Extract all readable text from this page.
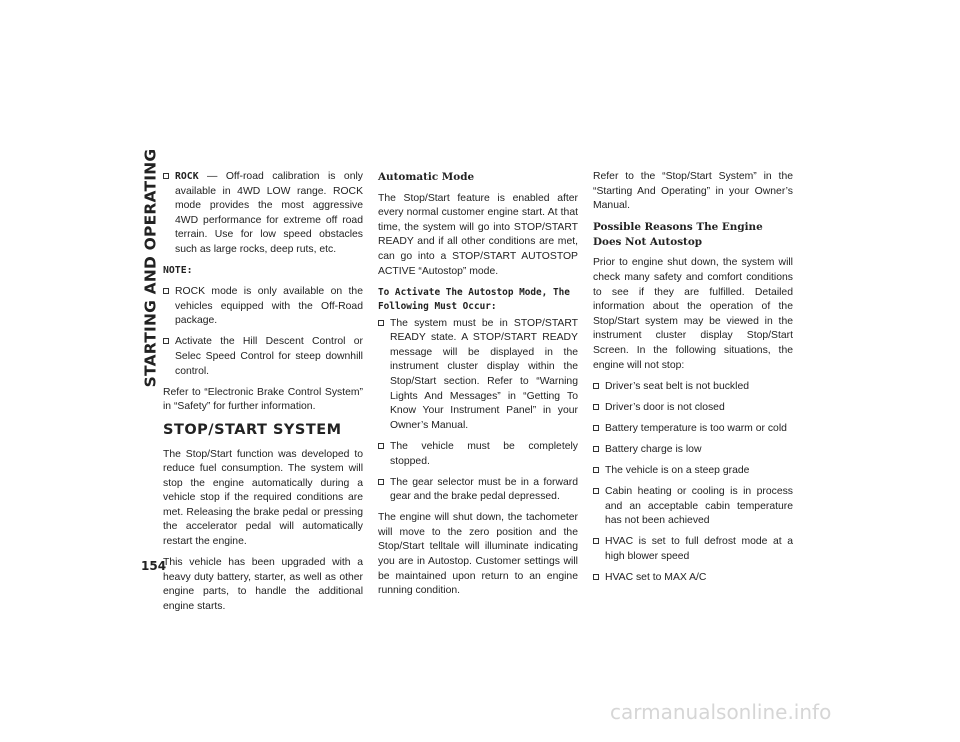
STARTING AND OPERATING	ROCK — Off-road calibration is only available in 4WD LOW range. ROCK mode provides the most aggressive 4WD performance for extreme off road terrain. Use for low speed obstacles such as large rocks, deep ruts, etc.

NOTE:

ROCK mode is only available on the vehicles equipped with the Off-Road package.
Activate the Hill Descent Control or Selec Speed Control for steep downhill control.

Refer to “Electronic Brake Control System” in “Safety” for further information.

STOP/START SYSTEM

The Stop/Start function was developed to reduce fuel consumption. The system will stop the engine automatically during a vehicle stop if the required conditions are met. Releasing the brake pedal or pressing the accelerator pedal will automatically restart the engine.

This vehicle has been upgraded with a heavy duty battery, starter, as well as other engine parts, to handle the additional engine starts.

Automatic Mode

The Stop/Start feature is enabled after every normal customer engine start. At that time, the system will go into STOP/START READY and if all other conditions are met, can go into a STOP/START AUTOSTOP ACTIVE “Autostop” mode.

To Activate The Autostop Mode, The Following Must Occur:

The system must be in STOP/START READY state. A STOP/START READY message will be displayed in the instrument cluster display within the Stop/Start section. Refer to “Warning Lights And Messages” in “Getting To Know Your Instrument Panel” in your Owner’s Manual.
The vehicle must be completely stopped.
The gear selector must be in a forward gear and the brake pedal depressed.

The engine will shut down, the tachometer will move to the zero position and the Stop/Start telltale will illuminate indicating you are in Autostop. Customer settings will be maintained upon return to an engine running condition.

Refer to the “Stop/Start System” in the “Starting And Operating” in your Owner’s Manual.

Possible Reasons The Engine Does Not Autostop

Prior to engine shut down, the system will check many safety and comfort conditions to see if they are fulfilled. Detailed information about the operation of the Stop/Start system may be viewed in the instrument cluster display Stop/Start Screen. In the following situations, the engine will not stop:

Driver’s seat belt is not buckled
Driver’s door is not closed
Battery temperature is too warm or cold
Battery charge is low
The vehicle is on a steep grade
Cabin heating or cooling is in process and an acceptable cabin temperature has not been achieved
HVAC is set to full defrost mode at a high blower speed
HVAC set to MAX A/C
154
carmanualsonline.info
